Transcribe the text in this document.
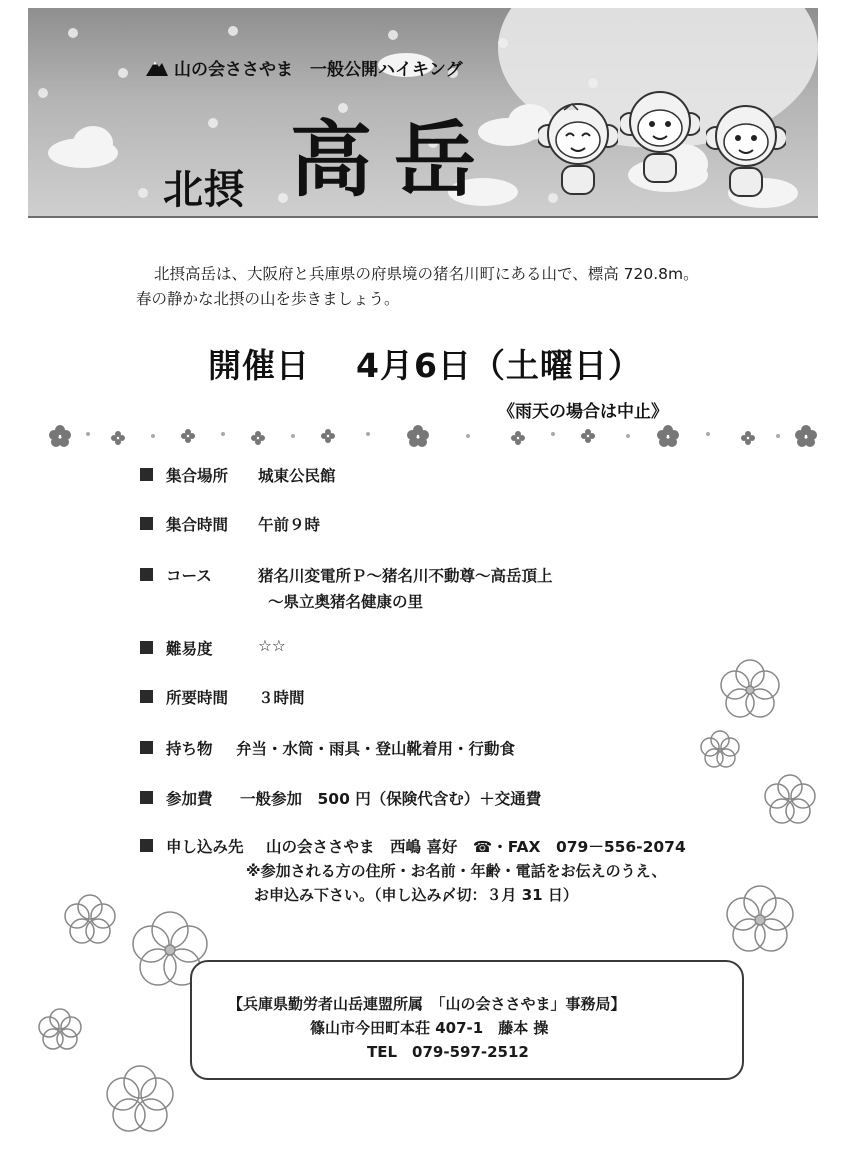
山の会ささやま　一般公開ハイキング
北摂 高岳

北摂高岳は、大阪府と兵庫県の府県境の猪名川町にある山で、標高 720.8m。

春の静かな北摂の山を歩きましょう。

開催日 4月6日（土曜日）
《雨天の場合は中止》
集合場所	城東公民館
集合時間	午前９時
コース	猪名川変電所Ｐ～猪名川不動尊～高岳頂上
～県立奥猪名健康の里
難易度	☆☆
所要時間	３時間
持ち物	弁当・水筒・雨具・登山靴着用・行動食
参加費	一般参加　500 円（保険代含む）＋交通費
申し込み先	山の会ささやま　西嶋 喜好　☎・FAX　079－556-2074
※参加される方の住所・お名前・年齢・電話をお伝えのうえ、
お申込み下さい。（申し込み〆切：３月 31 日）
【兵庫県勤労者山岳連盟所属　「山の会ささやま」事務局】
篠山市今田町本荘 407-1　藤本 操
TEL　079-597-2512
